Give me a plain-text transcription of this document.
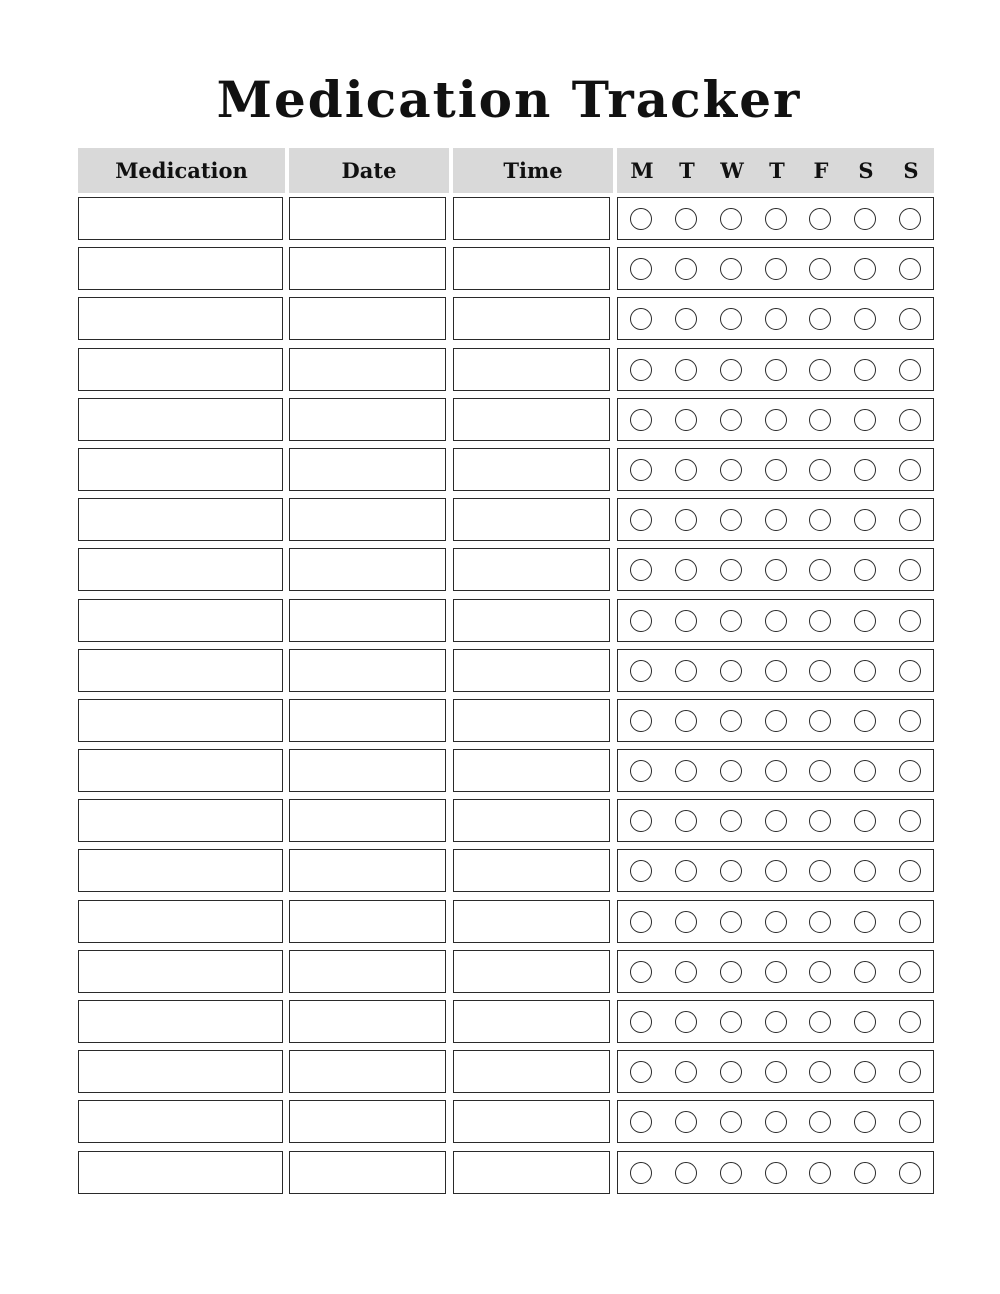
Medication Tracker
Medication	Date	Time	M	T	W	T	F	S	S
